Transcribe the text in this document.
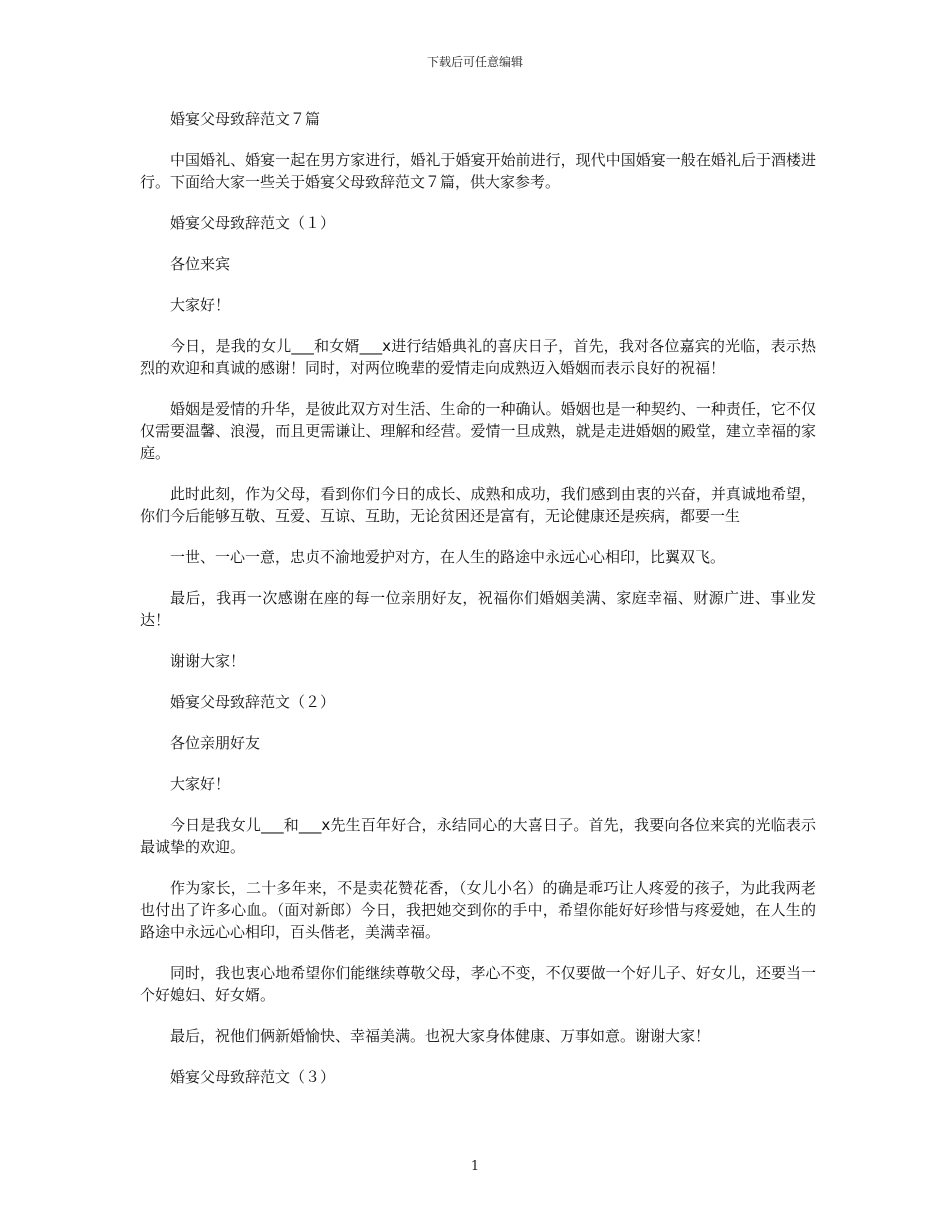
下载后可任意编辑

婚宴父母致辞范文７篇

中国婚礼、婚宴一起在男方家进行，婚礼于婚宴开始前进行，现代中国婚宴一般在婚礼后于酒楼进行。下面给大家一些关于婚宴父母致辞范文７篇，供大家参考。

婚宴父母致辞范文（１）

各位来宾

大家好！

今日，是我的女儿___和女婿___x进行结婚典礼的喜庆日子，首先，我对各位嘉宾的光临，表示热烈的欢迎和真诚的感谢！同时，对两位晚辈的爱情走向成熟迈入婚姻而表示良好的祝福！

婚姻是爱情的升华，是彼此双方对生活、生命的一种确认。婚姻也是一种契约、一种责任，它不仅仅需要温馨、浪漫，而且更需谦让、理解和经营。爱情一旦成熟，就是走进婚姻的殿堂，建立幸福的家庭。

此时此刻，作为父母，看到你们今日的成长、成熟和成功，我们感到由衷的兴奋，并真诚地希望，你们今后能够互敬、互爱、互谅、互助，无论贫困还是富有，无论健康还是疾病，都要一生

一世、一心一意，忠贞不渝地爱护对方，在人生的路途中永远心心相印，比翼双飞。

最后，我再一次感谢在座的每一位亲朋好友，祝福你们婚姻美满、家庭幸福、财源广进、事业发达！

谢谢大家！

婚宴父母致辞范文（２）

各位亲朋好友

大家好！

今日是我女儿___和___x先生百年好合，永结同心的大喜日子。首先，我要向各位来宾的光临表示最诚挚的欢迎。

作为家长，二十多年来，不是卖花赞花香，（女儿小名）的确是乖巧让人疼爱的孩子，为此我两老也付出了许多心血。（面对新郎）今日，我把她交到你的手中，希望你能好好珍惜与疼爱她，在人生的路途中永远心心相印，百头偕老，美满幸福。

同时，我也衷心地希望你们能继续尊敬父母，孝心不变，不仅要做一个好儿子、好女儿，还要当一个好媳妇、好女婿。

最后，祝他们俩新婚愉快、幸福美满。也祝大家身体健康、万事如意。谢谢大家！

婚宴父母致辞范文（３）

1
